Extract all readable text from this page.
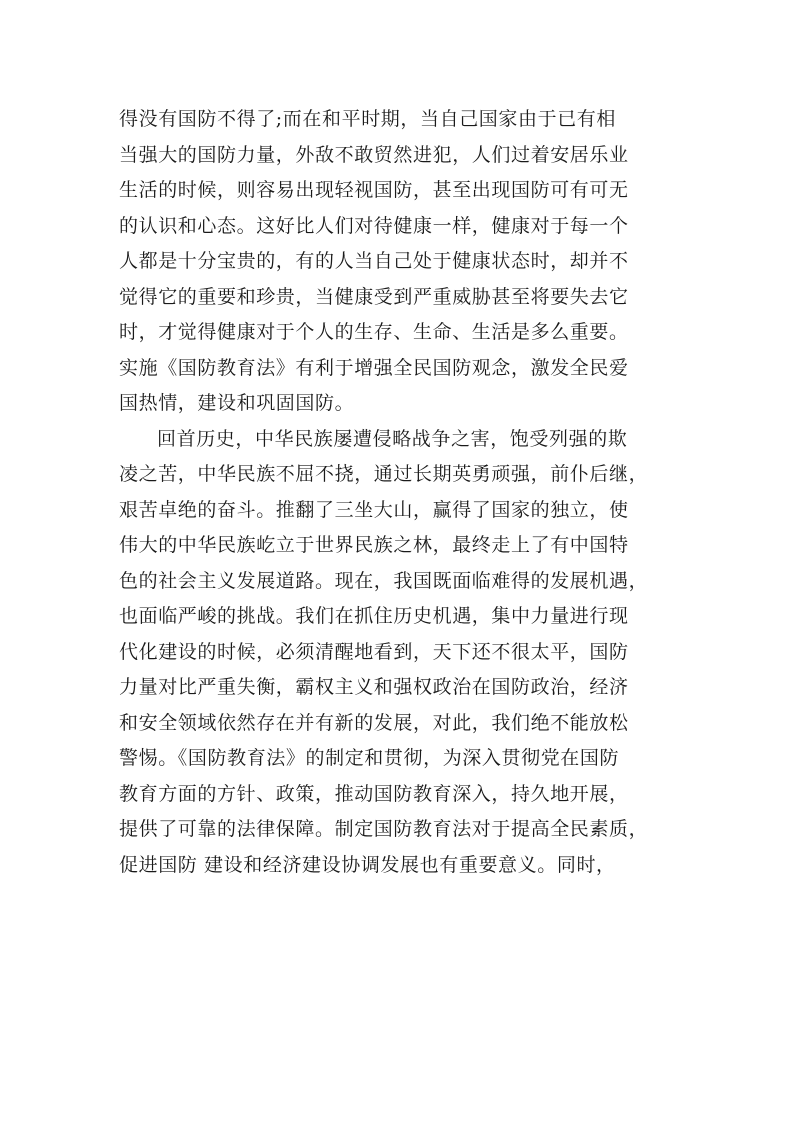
得没有国防不得了;而在和平时期，当自己国家由于已有相
当强大的国防力量，外敌不敢贸然进犯，人们过着安居乐业
生活的时候，则容易出现轻视国防，甚至出现国防可有可无
的认识和心态。这好比人们对待健康一样，健康对于每一个
人都是十分宝贵的，有的人当自己处于健康状态时，却并不
觉得它的重要和珍贵，当健康受到严重威胁甚至将要失去它
时，才觉得健康对于个人的生存、生命、生活是多么重要。
实施《国防教育法》有利于增强全民国防观念，激发全民爱
国热情，建设和巩固国防。
回首历史，中华民族屡遭侵略战争之害，饱受列强的欺
凌之苦，中华民族不屈不挠，通过长期英勇顽强，前仆后继，
艰苦卓绝的奋斗。推翻了三坐大山，赢得了国家的独立，使
伟大的中华民族屹立于世界民族之林，最终走上了有中国特
色的社会主义发展道路。现在，我国既面临难得的发展机遇，
也面临严峻的挑战。我们在抓住历史机遇，集中力量进行现
代化建设的时候，必须清醒地看到，天下还不很太平，国防
力量对比严重失衡，霸权主义和强权政治在国防政治，经济
和安全领域依然存在并有新的发展，对此，我们绝不能放松
警惕。《国防教育法》的制定和贯彻，为深入贯彻党在国防
教育方面的方针、政策，推动国防教育深入，持久地开展，
提供了可靠的法律保障。制定国防教育法对于提高全民素质，
促进国防 建设和经济建设协调发展也有重要意义。同时，
